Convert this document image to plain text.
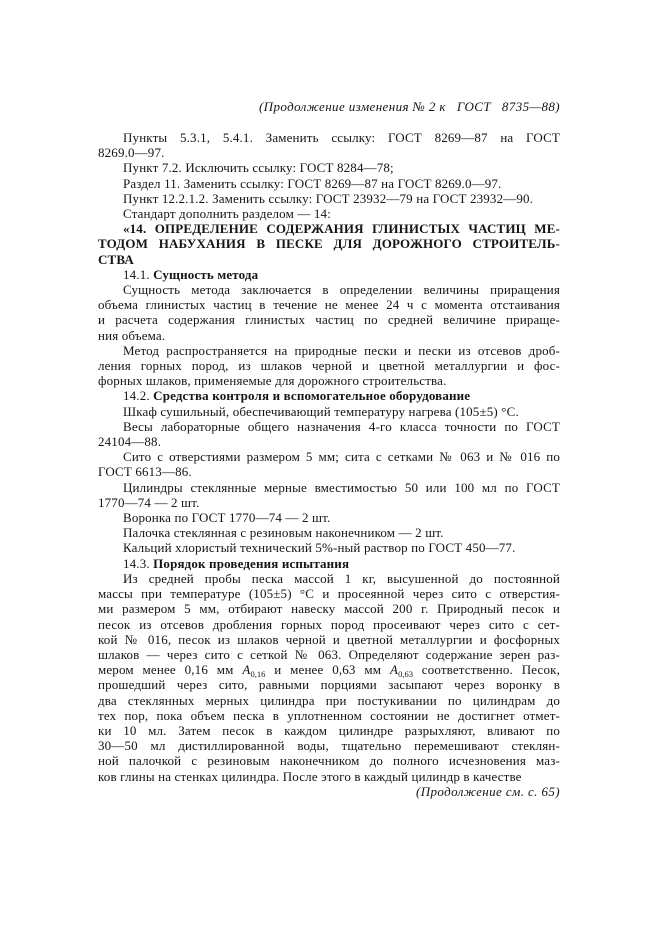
(Продолжение изменения № 2 к   ГОСТ   8735—88)
Пункты 5.3.1, 5.4.1. Заменить ссылку: ГОСТ 8269—87 на ГОСТ
8269.0—97.
Пункт 7.2. Исключить ссылку: ГОСТ 8284—78;
Раздел 11. Заменить ссылку: ГОСТ 8269—87 на ГОСТ 8269.0—97.
Пункт 12.2.1.2. Заменить ссылку: ГОСТ 23932—79 на ГОСТ 23932—90.
Стандарт дополнить разделом — 14:
«14. ОПРЕДЕЛЕНИЕ СОДЕРЖАНИЯ ГЛИНИСТЫХ ЧАСТИЦ МЕ-
ТОДОМ НАБУХАНИЯ В ПЕСКЕ ДЛЯ ДОРОЖНОГО СТРОИТЕЛЬ-
СТВА
14.1. Сущность метода
Сущность метода заключается в определении величины приращения
объема глинистых частиц в течение не менее 24 ч с момента отстаивания
и расчета содержания глинистых частиц по средней величине прираще-
ния объема.
Метод распространяется на природные пески и пески из отсевов дроб-
ления горных пород, из шлаков черной и цветной металлургии и фос-
форных шлаков, применяемые для дорожного строительства.
14.2. Средства контроля и вспомогательное оборудование
Шкаф сушильный, обеспечивающий температуру нагрева (105±5) °С.
Весы лабораторные общего назначения 4-го класса точности по ГОСТ
24104—88.
Сито с отверстиями размером 5 мм; сита с сетками № 063 и № 016 по
ГОСТ 6613—86.
Цилиндры стеклянные мерные вместимостью 50 или 100 мл по ГОСТ
1770—74 — 2 шт.
Воронка по ГОСТ 1770—74 — 2 шт.
Палочка стеклянная с резиновым наконечником — 2 шт.
Кальций хлористый технический 5%-ный раствор по ГОСТ 450—77.
14.3. Порядок проведения испытания
Из средней пробы песка массой 1 кг, высушенной до постоянной
массы при температуре (105±5) °С и просеянной через сито с отверстия-
ми размером 5 мм, отбирают навеску массой 200 г. Природный песок и
песок из отсевов дробления горных пород просеивают через сито с сет-
кой № 016, песок из шлаков черной и цветной металлургии и фосфорных
шлаков — через сито с сеткой № 063. Определяют содержание зерен раз-
мером менее 0,16 мм $A_{0,16}$ и менее 0,63 мм $A_{0,63}$ соответственно. Песок,
прошедший через сито, равными порциями засыпают через воронку в
два стеклянных мерных цилиндра при постукивании по цилиндрам до
тех пор, пока объем песка в уплотненном состоянии не достигнет отмет-
ки 10 мл. Затем песок в каждом цилиндре разрыхляют, вливают по
30—50 мл дистиллированной воды, тщательно перемешивают стеклян-
ной палочкой с резиновым наконечником до полного исчезновения маз-
ков глины на стенках цилиндра. После этого в каждый цилиндр в качестве
(Продолжение см. с. 65)
